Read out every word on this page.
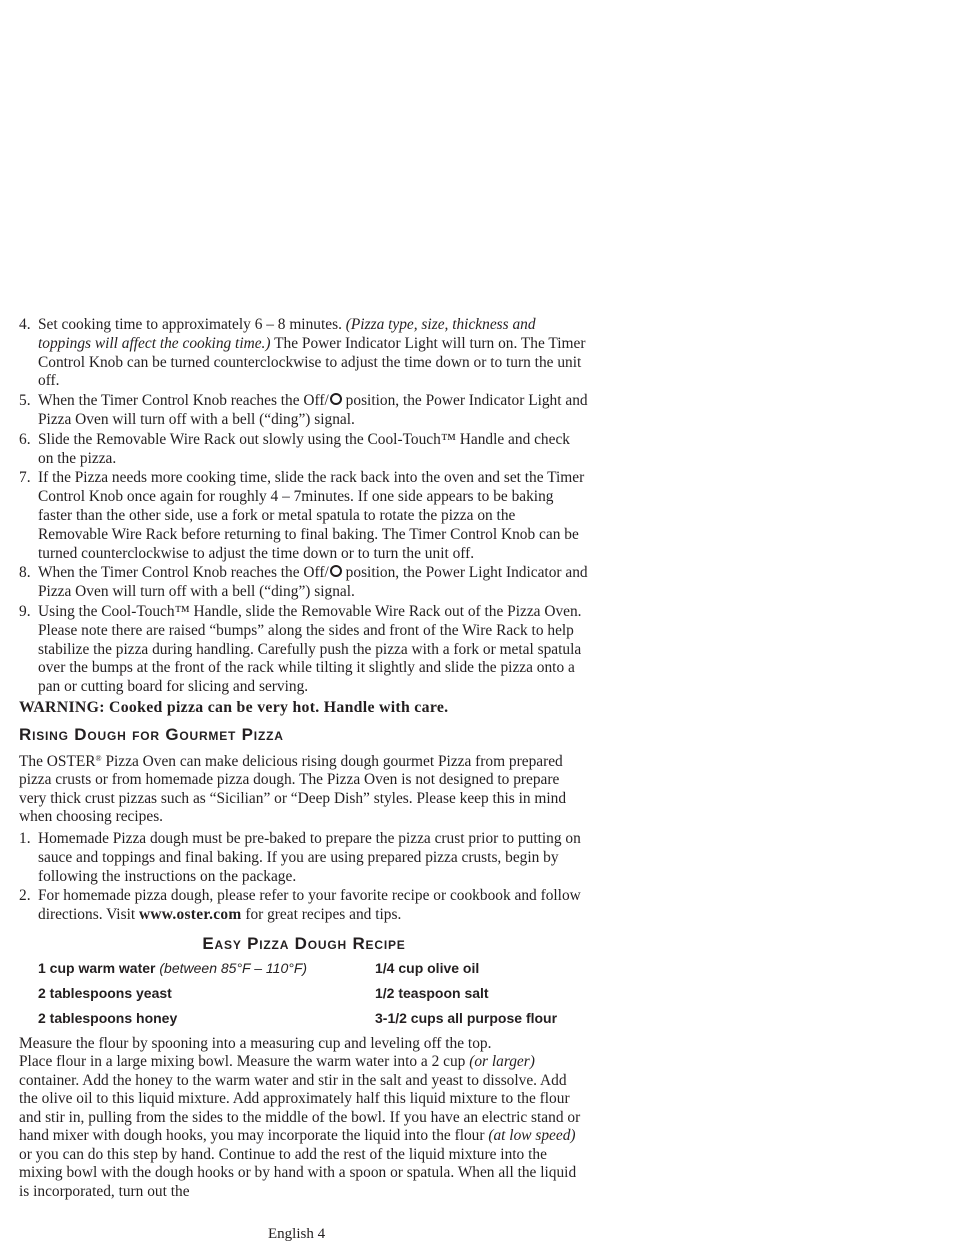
4. Set cooking time to approximately 6 – 8 minutes. (Pizza type, size, thickness and toppings will affect the cooking time.) The Power Indicator Light will turn on. The Timer Control Knob can be turned counterclockwise to adjust the time down or to turn the unit off.
5. When the Timer Control Knob reaches the Off/ position, the Power Indicator Light and Pizza Oven will turn off with a bell (“ding”) signal.
6. Slide the Removable Wire Rack out slowly using the Cool-Touch™ Handle and check on the pizza.
7. If the Pizza needs more cooking time, slide the rack back into the oven and set the Timer Control Knob once again for roughly 4 – 7minutes. If one side appears to be baking faster than the other side, use a fork or metal spatula to rotate the pizza on the Removable Wire Rack before returning to final baking. The Timer Control Knob can be turned counterclockwise to adjust the time down or to turn the unit off.
8. When the Timer Control Knob reaches the Off/ position, the Power Light Indicator and Pizza Oven will turn off with a bell (“ding”) signal.
9. Using the Cool-Touch™ Handle, slide the Removable Wire Rack out of the Pizza Oven. Please note there are raised “bumps” along the sides and front of the Wire Rack to help stabilize the pizza during handling. Carefully push the pizza with a fork or metal spatula over the bumps at the front of the rack while tilting it slightly and slide the pizza onto a pan or cutting board for slicing and serving.
WARNING: Cooked pizza can be very hot. Handle with care.
Rising Dough for Gourmet Pizza
The OSTER® Pizza Oven can make delicious rising dough gourmet Pizza from prepared pizza crusts or from homemade pizza dough. The Pizza Oven is not designed to prepare very thick crust pizzas such as “Sicilian” or “Deep Dish” styles. Please keep this in mind when choosing recipes.
1. Homemade Pizza dough must be pre-baked to prepare the pizza crust prior to putting on sauce and toppings and final baking. If you are using prepared pizza crusts, begin by following the instructions on the package.
2. For homemade pizza dough, please refer to your favorite recipe or cookbook and follow directions. Visit www.oster.com for great recipes and tips.
Easy Pizza Dough Recipe
1 cup warm water (between 85°F – 110°F)	1/4 cup olive oil
2 tablespoons yeast	1/2 teaspoon salt
2 tablespoons honey	3-1/2 cups all purpose flour

Measure the flour by spooning into a measuring cup and leveling off the top.

Place flour in a large mixing bowl. Measure the warm water into a 2 cup (or larger)

container. Add the honey to the warm water and stir in the salt and yeast to dissolve. Add the olive oil to this liquid mixture. Add approximately half this liquid mixture to the flour and stir in, pulling from the sides to the middle of the bowl. If you have an electric stand or hand mixer with dough hooks, you may incorporate the liquid into the flour (at low speed) or you can do this step by hand. Continue to add the rest of the liquid mixture into the mixing bowl with the dough hooks or by hand with a spoon or spatula. When all the liquid is incorporated, turn out the

English 4
